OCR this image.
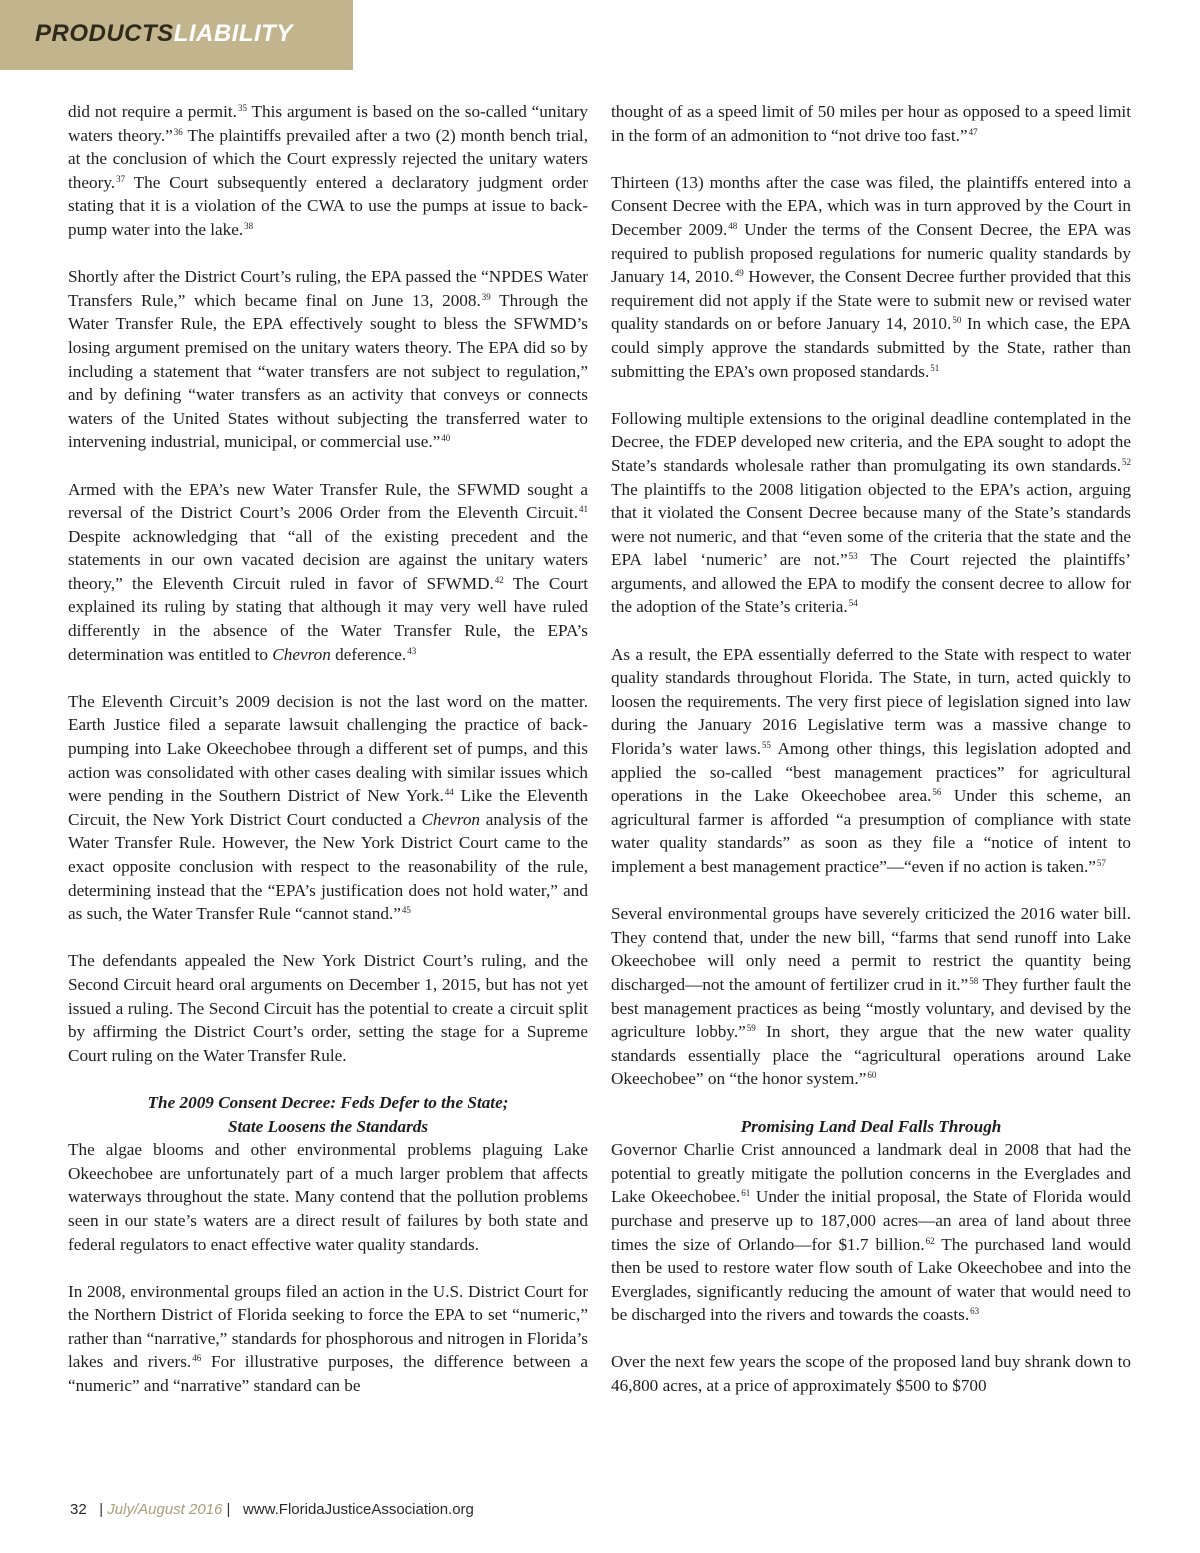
PRODUCTSLIABILITY

did not require a permit.$^{35}$ This argument is based on the so-called “unitary waters theory.”$^{36}$ The plaintiffs prevailed after a two (2) month bench trial, at the conclusion of which the Court expressly rejected the unitary waters theory.$^{37}$ The Court subsequently entered a declaratory judgment order stating that it is a violation of the CWA to use the pumps at issue to back-pump water into the lake.$^{38}$

Shortly after the District Court’s ruling, the EPA passed the “NPDES Water Transfers Rule,” which became final on June 13, 2008.39 Through the Water Transfer Rule, the EPA effectively sought to bless the SFWMD’s losing argument premised on the unitary waters theory. The EPA did so by including a statement that “water transfers are not subject to regulation,” and by defining “water transfers as an activity that conveys or connects waters of the United States without subjecting the transferred water to intervening industrial, municipal, or commercial use.”$^{40}$

Armed with the EPA’s new Water Transfer Rule, the SFWMD sought a reversal of the District Court’s 2006 Order from the Eleventh Circuit.$^{41}$ Despite acknowledging that “all of the existing precedent and the statements in our own vacated decision are against the unitary waters theory,” the Eleventh Circuit ruled in favor of SFWMD.$^{42}$ The Court explained its ruling by stating that although it may very well have ruled differently in the absence of the Water Transfer Rule, the EPA’s determination was entitled to Chevron deference.$^{43}$

The Eleventh Circuit’s 2009 decision is not the last word on the matter. Earth Justice filed a separate lawsuit challenging the practice of back-pumping into Lake Okeechobee through a different set of pumps, and this action was consolidated with other cases dealing with similar issues which were pending in the Southern District of New York.$^{44}$ Like the Eleventh Circuit, the New York District Court conducted a Chevron analysis of the Water Transfer Rule. However, the New York District Court came to the exact opposite conclusion with respect to the reasonability of the rule, determining instead that the “EPA’s justification does not hold water,” and as such, the Water Transfer Rule “cannot stand.”$^{45}$

The defendants appealed the New York District Court’s ruling, and the Second Circuit heard oral arguments on December 1, 2015, but has not yet issued a ruling. The Second Circuit has the potential to create a circuit split by affirming the District Court’s order, setting the stage for a Supreme Court ruling on the Water Transfer Rule.

The 2009 Consent Decree: Feds Defer to the State;
State Loosens the Standards

The algae blooms and other environmental problems plaguing Lake Okeechobee are unfortunately part of a much larger problem that affects waterways throughout the state. Many contend that the pollution problems seen in our state’s waters are a direct result of failures by both state and federal regulators to enact effective water quality standards.

In 2008, environmental groups filed an action in the U.S. District Court for the Northern District of Florida seeking to force the EPA to set “numeric,” rather than “narrative,” standards for phosphorous and nitrogen in Florida’s lakes and rivers.$^{46}$ For illustrative purposes, the difference between a “numeric” and “narrative” standard can be

thought of as a speed limit of 50 miles per hour as opposed to a speed limit in the form of an admonition to “not drive too fast.”$^{47}$

Thirteen (13) months after the case was filed, the plaintiffs entered into a Consent Decree with the EPA, which was in turn approved by the Court in December 2009.48 Under the terms of the Consent Decree, the EPA was required to publish proposed regulations for numeric quality standards by January 14, 2010.49 However, the Consent Decree further provided that this requirement did not apply if the State were to submit new or revised water quality standards on or before January 14, 2010.50 In which case, the EPA could simply approve the standards submitted by the State, rather than submitting the EPA’s own proposed standards.$^{51}$

Following multiple extensions to the original deadline contemplated in the Decree, the FDEP developed new criteria, and the EPA sought to adopt the State’s standards wholesale rather than promulgating its own standards.$^{52}$ The plaintiffs to the 2008 litigation objected to the EPA’s action, arguing that it violated the Consent Decree because many of the State’s standards were not numeric, and that “even some of the criteria that the state and the EPA label ‘numeric’ are not.”$^{53}$ The Court rejected the plaintiffs’ arguments, and allowed the EPA to modify the consent decree to allow for the adoption of the State’s criteria.$^{54}$

As a result, the EPA essentially deferred to the State with respect to water quality standards throughout Florida. The State, in turn, acted quickly to loosen the requirements. The very first piece of legislation signed into law during the January 2016 Legislative term was a massive change to Florida’s water laws.$^{55}$ Among other things, this legislation adopted and applied the so-called “best management practices” for agricultural operations in the Lake Okeechobee area.$^{56}$ Under this scheme, an agricultural farmer is afforded “a presumption of compliance with state water quality standards” as soon as they file a “notice of intent to implement a best management practice”—“even if no action is taken.”$^{57}$

Several environmental groups have severely criticized the 2016 water bill. They contend that, under the new bill, “farms that send runoff into Lake Okeechobee will only need a permit to restrict the quantity being discharged—not the amount of fertilizer crud in it.”$^{58}$ They further fault the best management practices as being “mostly voluntary, and devised by the agriculture lobby.”$^{59}$ In short, they argue that the new water quality standards essentially place the “agricultural operations around Lake Okeechobee” on “the honor system.”$^{60}$

Promising Land Deal Falls Through

Governor Charlie Crist announced a landmark deal in 2008 that had the potential to greatly mitigate the pollution concerns in the Everglades and Lake Okeechobee.$^{61}$ Under the initial proposal, the State of Florida would purchase and preserve up to 187,000 acres—an area of land about three times the size of Orlando—for $1.7 billion.$^{62}$ The purchased land would then be used to restore water flow south of Lake Okeechobee and into the Everglades, significantly reducing the amount of water that would need to be discharged into the rivers and towards the coasts.$^{63}$

Over the next few years the scope of the proposed land buy shrank down to 46,800 acres, at a price of approximately $500 to $700

32 | July/August 2016 | www.FloridaJusticeAssociation.org
